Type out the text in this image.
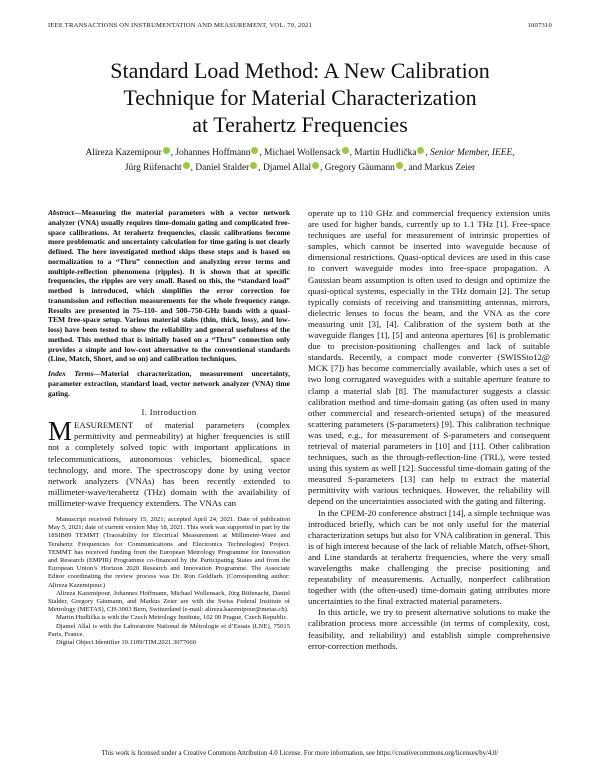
IEEE TRANSACTIONS ON INSTRUMENTATION AND MEASUREMENT, VOL. 70, 2021	1007310
Standard Load Method: A New Calibration
Technique for Material Characterization
at Terahertz Frequencies
Alireza Kazemipour , Johannes Hoffmann , Michael Wollensack , Martin Hudlička , Senior Member, IEEE,
Jürg Rüfenacht , Daniel Stalder , Djamel Allal , Gregory Gäumann , and Markus Zeier
Abstract—Measuring the material parameters with a vector network analyzer (VNA) usually requires time-domain gating and complicated free-space calibrations. At terahertz frequencies, classic calibrations become more problematic and uncertainty calculation for time gating is not clearly defined. The here investigated method skips these steps and is based on normalization to a “Thru” connection and analyzing error terms and multiple-reflection phenomena (ripples). It is shown that at specific frequencies, the ripples are very small. Based on this, the “standard load” method is introduced, which simplifies the error correction for transmission and reflection measurements for the whole frequency range. Results are presented in 75–110- and 500–750-GHz bands with a quasi-TEM free-space setup. Various material slabs (thin, thick, lossy, and low-loss) have been tested to show the reliability and general usefulness of the method. This method that is initially based on a “Thru” connection only provides a simple and low-cost alternative to the conventional standards (Line, Match, Short, and so on) and calibration techniques.
Index Terms—Material characterization, measurement uncertainty, parameter extraction, standard load, vector network analyzer (VNA) time gating.
I. Introduction
MEASUREMENT of material parameters (complex permittivity and permeability) at higher frequencies is still not a completely solved topic with important applications in telecommunications, autonomous vehicles, biomedical, space technology, and more. The spectroscopy done by using vector network analyzers (VNAs) has been recently extended to millimeter-wave/terahertz (THz) domain with the availability of millimeter-wave frequency extenders. The VNAs can

Manuscript received February 15, 2021; accepted April 24, 2021. Date of publication May 5, 2021; date of current version May 18, 2021. This work was supported in part by the 18SIB09 TEMMT (Traceability for Electrical Measurement at Millimeter-Wave and Terahertz Frequencies for Communications and Electronics Technologies) Project. TEMMT has received funding from the European Metrology Programme for Innovation and Research (EMPIR) Programme co-financed by the Participating States and from the European Union’s Horizon 2020 Research and Innovation Programme. The Associate Editor coordinating the review process was Dr. Ron Goldfarb. (Corresponding author: Alireza Kazemipour.)

Alireza Kazemipour, Johannes Hoffmann, Michael Wollensack, Jürg Rüfenacht, Daniel Stalder, Gregory Gäumann, and Markus Zeier are with the Swiss Federal Institute of Metrology (METAS), CH-3003 Bern, Switzerland (e-mail: alireza.kazemipour@metas.ch).

Martin Hudlička is with the Czech Metrology Institute, 102 00 Prague, Czech Republic.

Djamel Allal is with the Laboratoire National de Métrologie et d’Essais (LNE), 75015 Paris, France.

Digital Object Identifier 10.1109/TIM.2021.3077660

operate up to 110 GHz and commercial frequency extension units are used for higher bands, currently up to 1.1 THz [1]. Free-space techniques are useful for measurement of intrinsic properties of samples, which cannot be inserted into waveguide because of dimensional restrictions. Quasi-optical devices are used in this case to convert waveguide modes into free-space propagation. A Gaussian beam assumption is often used to design and optimize the quasi-optical systems, especially in the THz domain [2]. The setup typically consists of receiving and transmitting antennas, mirrors, dielectric lenses to focus the beam, and the VNA as the core measuring unit [3], [4]. Calibration of the system both at the waveguide flanges [1], [5] and antenna apertures [6] is problematic due to precision-positioning challenges and lack of suitable standards. Recently, a compact mode converter (SWISSto12@ MCK [7]) has become commercially available, which uses a set of two long corrugated waveguides with a suitable aperture feature to clamp a material slab [8]. The manufacturer suggests a classic calibration method and time-domain gating (as often used in many other commercial and research-oriented setups) of the measured scattering parameters (S-parameters) [9]. This calibration technique was used, e.g., for measurement of S-parameters and consequent retrieval of material parameters in [10] and [11]. Other calibration techniques, such as the through-reflection-line (TRL), were tested using this system as well [12]. Successful time-domain gating of the measured S-parameters [13] can help to extract the material permittivity with various techniques. However, the reliability will depend on the uncertainties associated with the gating and filtering.

In the CPEM-20 conference abstract [14], a simple technique was introduced briefly, which can be not only useful for the material characterization setups but also for VNA calibration in general. This is of high interest because of the lack of reliable Match, offset-Short, and Line standards at terahertz frequencies, where the very small wavelengths make challenging the precise positioning and repeatability of measurements. Actually, nonperfect calibration together with (the often-used) time-domain gating attributes more uncertainties to the final extracted material parameters.

In this article, we try to present alternative solutions to make the calibration process more accessible (in terms of complexity, cost, feasibility, and reliability) and establish simple comprehensive error-correction methods.

This work is licensed under a Creative Commons Attribution 4.0 License. For more information, see https://creativecommons.org/licenses/by/4.0/
